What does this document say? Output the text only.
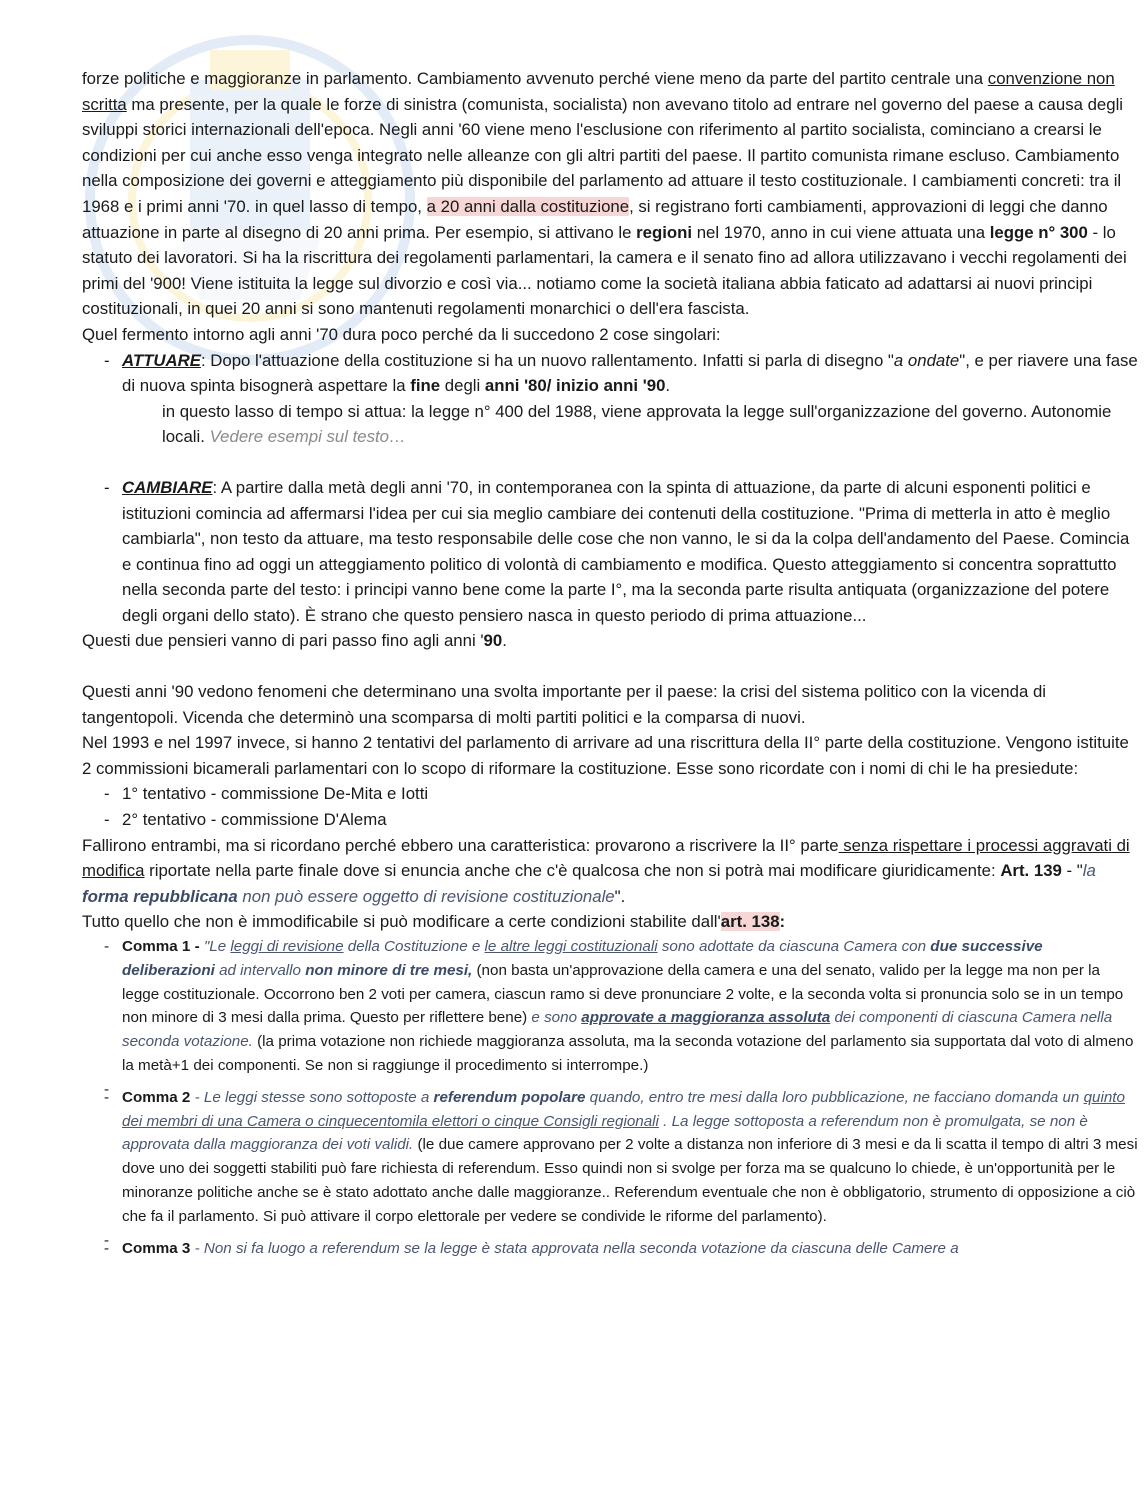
forze politiche e maggioranze in parlamento. Cambiamento avvenuto perché viene meno da parte del partito centrale una convenzione non scritta ma presente, per la quale le forze di sinistra (comunista, socialista) non avevano titolo ad entrare nel governo del paese a causa degli sviluppi storici internazionali dell'epoca. Negli anni '60 viene meno l'esclusione con riferimento al partito socialista, cominciano a crearsi le condizioni per cui anche esso venga integrato nelle alleanze con gli altri partiti del paese. Il partito comunista rimane escluso. Cambiamento nella composizione dei governi e atteggiamento più disponibile del parlamento ad attuare il testo costituzionale. I cambiamenti concreti: tra il 1968 e i primi anni '70. in quel lasso di tempo, a 20 anni dalla costituzione, si registrano forti cambiamenti, approvazioni di leggi che danno attuazione in parte al disegno di 20 anni prima. Per esempio, si attivano le regioni nel 1970, anno in cui viene attuata una legge n° 300 - lo statuto dei lavoratori. Si ha la riscrittura dei regolamenti parlamentari, la camera e il senato fino ad allora utilizzavano i vecchi regolamenti dei primi del '900! Viene istituita la legge sul divorzio e così via... notiamo come la società italiana abbia faticato ad adattarsi ai nuovi principi costituzionali, in quei 20 anni si sono mantenuti regolamenti monarchici o dell'era fascista.

Quel fermento intorno agli anni '70 dura poco perché da li succedono 2 cose singolari:

- ATTUARE: Dopo l'attuazione della costituzione si ha un nuovo rallentamento. Infatti si parla di disegno "a ondate", e per riavere una fase di nuova spinta bisognerà aspettare la fine degli anni '80/ inizio anni '90.

in questo lasso di tempo si attua: la legge n° 400 del 1988, viene approvata la legge sull'organizzazione del governo. Autonomie locali. Vedere esempi sul testo…

- CAMBIARE: A partire dalla metà degli anni '70, in contemporanea con la spinta di attuazione, da parte di alcuni esponenti politici e istituzioni comincia ad affermarsi l'idea per cui sia meglio cambiare dei contenuti della costituzione. "Prima di metterla in atto è meglio cambiarla", non testo da attuare, ma testo responsabile delle cose che non vanno, le si da la colpa dell'andamento del Paese. Comincia e continua fino ad oggi un atteggiamento politico di volontà di cambiamento e modifica. Questo atteggiamento si concentra soprattutto nella seconda parte del testo: i principi vanno bene come la parte I°, ma la seconda parte risulta antiquata (organizzazione del potere degli organi dello stato). È strano che questo pensiero nasca in questo periodo di prima attuazione...

Questi due pensieri vanno di pari passo fino agli anni '90.

Questi anni '90 vedono fenomeni che determinano una svolta importante per il paese: la crisi del sistema politico con la vicenda di tangentopoli. Vicenda che determinò una scomparsa di molti partiti politici e la comparsa di nuovi.

Nel 1993 e nel 1997 invece, si hanno 2 tentativi del parlamento di arrivare ad una riscrittura della II° parte della costituzione. Vengono istituite 2 commissioni bicamerali parlamentari con lo scopo di riformare la costituzione. Esse sono ricordate con i nomi di chi le ha presiedute:

- 1° tentativo - commissione De-Mita e Iotti
- 2° tentativo - commissione D'Alema

Fallirono entrambi, ma si ricordano perché ebbero una caratteristica: provarono a riscrivere la II° parte senza rispettare i processi aggravati di modifica riportate nella parte finale dove si enuncia anche che c'è qualcosa che non si potrà mai modificare giuridicamente: Art. 139 - "la forma repubblicana non può essere oggetto di revisione costituzionale".

Tutto quello che non è immodificabile si può modificare a certe condizioni stabilite dall'art. 138:

- Comma 1 - "Le leggi di revisione della Costituzione e le altre leggi costituzionali sono adottate da ciascuna Camera con due successive deliberazioni ad intervallo non minore di tre mesi, (non basta un'approvazione della camera e una del senato, valido per la legge ma non per la legge costituzionale. Occorrono ben 2 voti per camera, ciascun ramo si deve pronunciare 2 volte, e la seconda volta si pronuncia solo se in un tempo non minore di 3 mesi dalla prima. Questo per riflettere bene) e sono approvate a maggioranza assoluta dei componenti di ciascuna Camera nella seconda votazione. (la prima votazione non richiede maggioranza assoluta, ma la seconda votazione del parlamento sia supportata dal voto di almeno la metà+1 dei componenti. Se non si raggiunge il procedimento si interrompe.)
-
- Comma 2 - Le leggi stesse sono sottoposte a referendum popolare quando, entro tre mesi dalla loro pubblicazione, ne facciano domanda un quinto dei membri di una Camera o cinquecentomila elettori o cinque Consigli regionali . La legge sottoposta a referendum non è promulgata, se non è approvata dalla maggioranza dei voti validi. (le due camere approvano per 2 volte a distanza non inferiore di 3 mesi e da li scatta il tempo di altri 3 mesi dove uno dei soggetti stabiliti può fare richiesta di referendum. Esso quindi non si svolge per forza ma se qualcuno lo chiede, è un'opportunità per le minoranze politiche anche se è stato adottato anche dalle maggioranze.. Referendum eventuale che non è obbligatorio, strumento di opposizione a ciò che fa il parlamento. Si può attivare il corpo elettorale per vedere se condivide le riforme del parlamento).
-
- Comma 3 - Non si fa luogo a referendum se la legge è stata approvata nella seconda votazione da ciascuna delle Camere a
